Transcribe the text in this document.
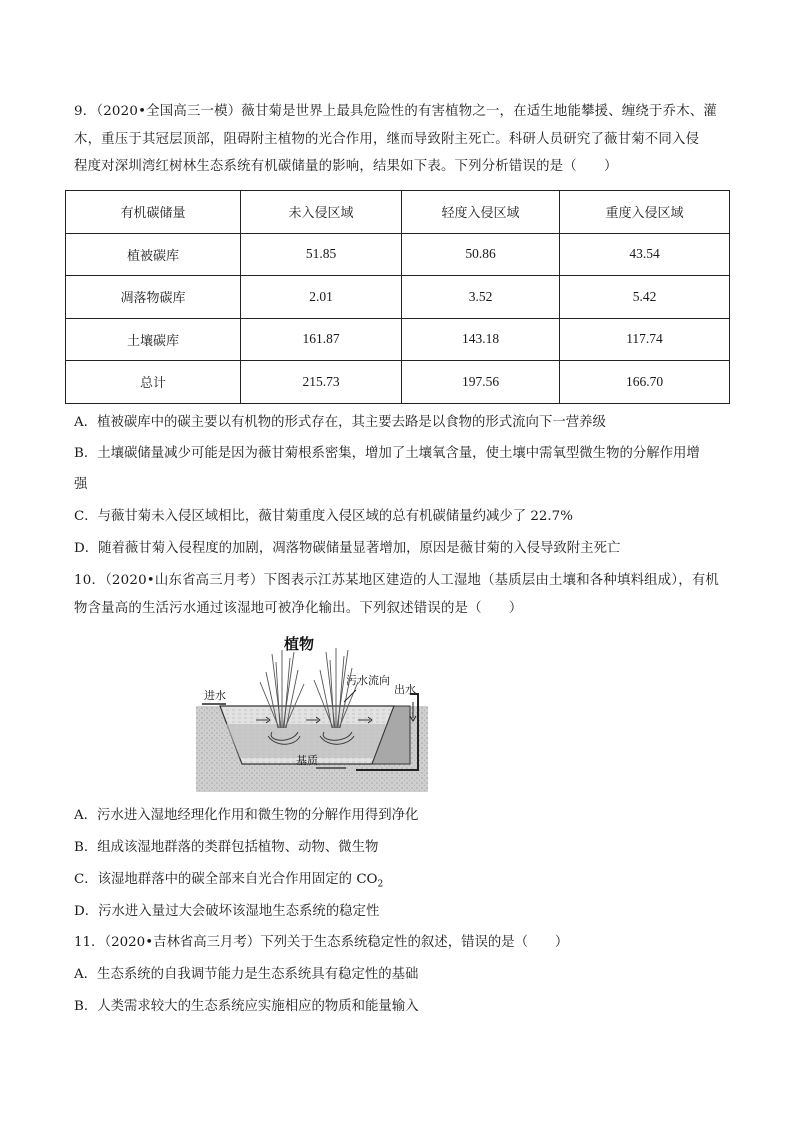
9．（2020•全国高三一模）薇甘菊是世界上最具危险性的有害植物之一，在适生地能攀援、缠绕于乔木、灌
木，重压于其冠层顶部，阻碍附主植物的光合作用，继而导致附主死亡。科研人员研究了薇甘菊不同入侵
程度对深圳湾红树林生态系统有机碳储量的影响，结果如下表。下列分析错误的是（　　）
有机碳储量	未入侵区域	轻度入侵区域	重度入侵区域
植被碳库	51.85	50.86	43.54
凋落物碳库	2.01	3.52	5.42
土壤碳库	161.87	143.18	117.74
总计	215.73	197.56	166.70
A．植被碳库中的碳主要以有机物的形式存在，其主要去路是以食物的形式流向下一营养级
B．土壤碳储量减少可能是因为薇甘菊根系密集，增加了土壤氧含量，使土壤中需氧型微生物的分解作用增
强
C．与薇甘菊未入侵区域相比，薇甘菊重度入侵区域的总有机碳储量约减少了 22.7%
D．随着薇甘菊入侵程度的加剧，凋落物碳储量显著增加，原因是薇甘菊的入侵导致附主死亡
10．（2020•山东省高三月考）下图表示江苏某地区建造的人工湿地（基质层由土壤和各种填料组成），有机
物含量高的生活污水通过该湿地可被净化输出。下列叙述错误的是（　　）
植物
进水
污水流向
出水
基质
A．污水进入湿地经理化作用和微生物的分解作用得到净化
B．组成该湿地群落的类群包括植物、动物、微生物
C．该湿地群落中的碳全部来自光合作用固定的 $CO_2$
D．污水进入量过大会破坏该湿地生态系统的稳定性
11．（2020•吉林省高三月考）下列关于生态系统稳定性的叙述，错误的是（　　）
A．生态系统的自我调节能力是生态系统具有稳定性的基础
B．人类需求较大的生态系统应实施相应的物质和能量输入
